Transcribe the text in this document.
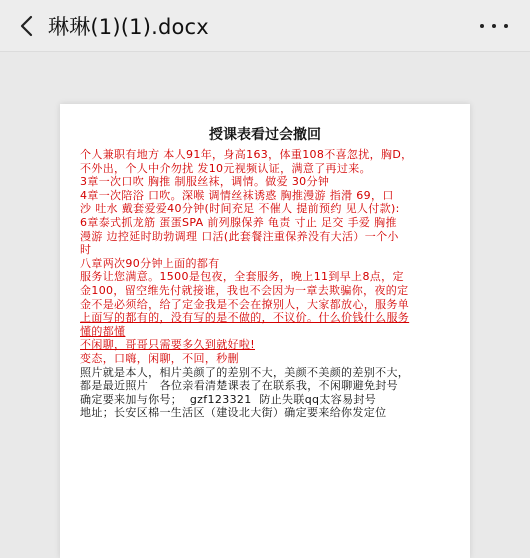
琳琳(1)(1).docx
授课表看过会撤回
个人兼职有地方 本人91年，身高163，体重108不喜忽扰，胸D，
不外出，个人中介勿扰 发10元视频认证，满意了再过来。
3章一次口吹 胸推 制服丝袜，调情。做爱 30分钟
4章一次陪浴 口吹。深喉 调情丝袜诱惑 胸推漫游 指滑 69，口
沙 吐水 戴套爱爱40分钟(时间充足 不催人 提前预约 见人付款):
6章泰式抓龙筋 蛋蛋SPA 前列腺保养 龟责 寸止 足交 手爱 胸推
漫游 边控延时助勃调理 口活(此套餐注重保养没有大活）一个小
时
八章两次90分钟上面的都有
服务让您满意。1500是包夜，全套服务，晚上11到早上8点，定
金100，留空维先付就接谁，我也不会因为一章去欺骗你，夜的定
金不是必须给，给了定金我是不会在撩别人，大家都放心，服务单
上面写的都有的，没有写的是不做的，不议价。什么价钱什么服务
懂的都懂
不闲聊，哥哥只需要多久到就好啦!
变态，口嗨，闲聊，不回，秒删
照片就是本人，相片美颜了的差别不大，美颜不美颜的差别不大，
都是最近照片   各位亲看清楚课表了在联系我，不闲聊避免封号
确定要来加与你号；  gzf123321  防止失联qq太容易封号
地址；长安区棉一生活区（建设北大街）确定要来给你发定位
